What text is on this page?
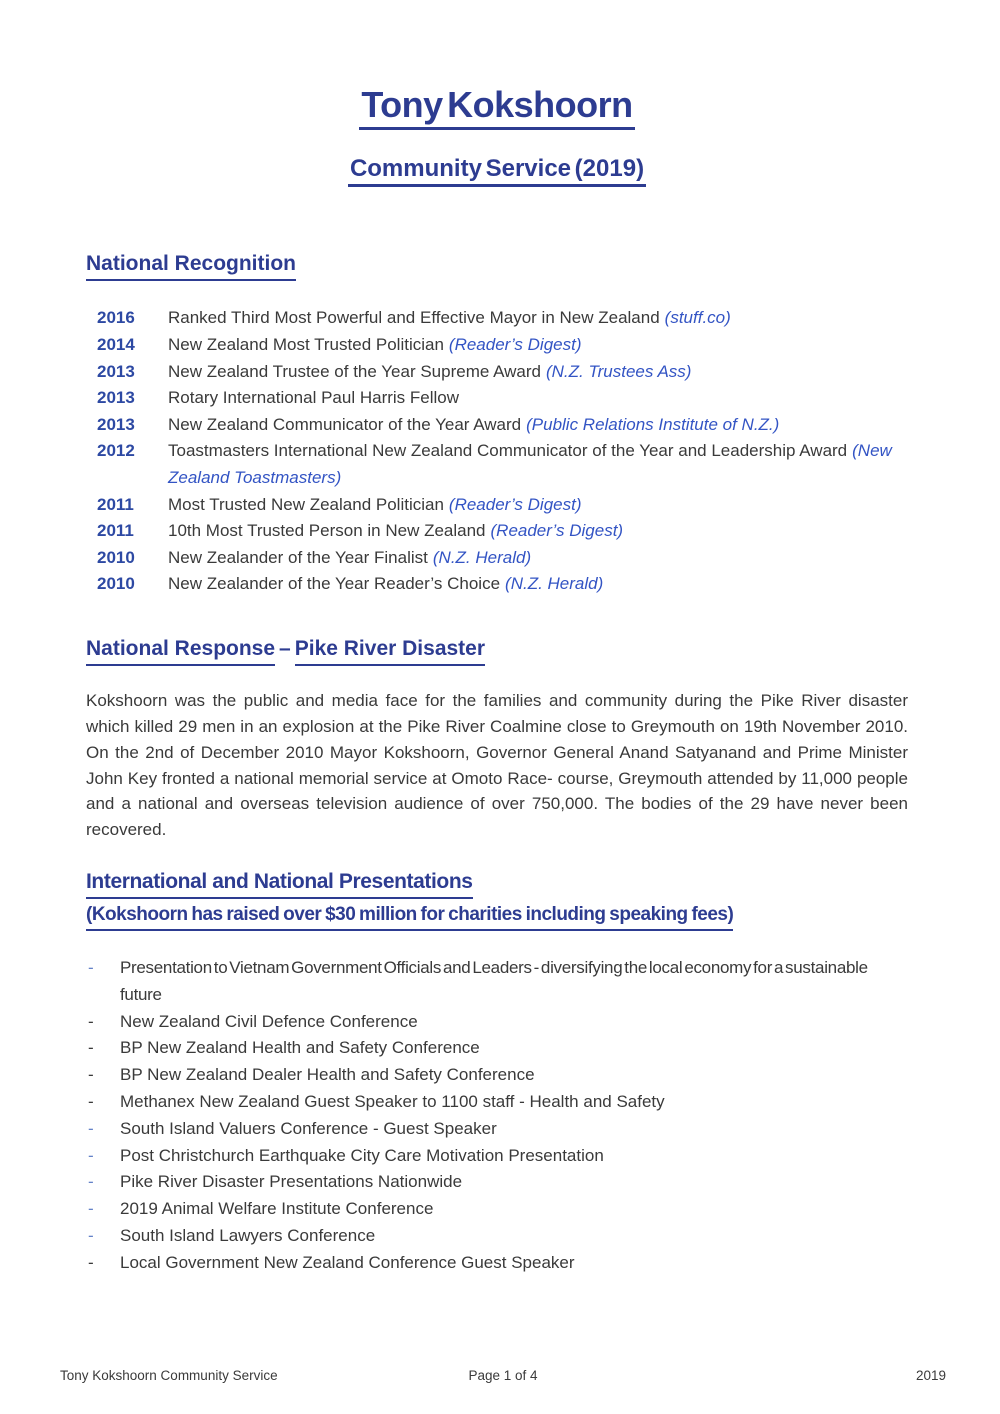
Tony Kokshoorn
Community Service (2019)
National Recognition
2016	Ranked Third Most Powerful and Effective Mayor in New Zealand (stuff.co)
2014	New Zealand Most Trusted Politician (Reader’s Digest)
2013	New Zealand Trustee of the Year Supreme Award (N.Z. Trustees Ass)
2013	Rotary International Paul Harris Fellow
2013	New Zealand Communicator of the Year Award (Public Relations Institute of N.Z.)
2012	Toastmasters International New Zealand Communicator of the Year and Leadership Award (New Zealand Toastmasters)
2011	Most Trusted New Zealand Politician (Reader’s Digest)
2011	10th Most Trusted Person in New Zealand (Reader’s Digest)
2010	New Zealander of the Year Finalist (N.Z. Herald)
2010	New Zealander of the Year Reader’s Choice (N.Z. Herald)
National Response – Pike River Disaster

Kokshoorn was the public and media face for the families and community during the Pike River disaster which killed 29 men in an explosion at the Pike River Coalmine close to Greymouth on 19th November 2010. On the 2nd of December 2010 Mayor Kokshoorn, Governor General Anand Satyanand and Prime Minister John Key fronted a national memorial service at Omoto Race- course, Greymouth attended by 11,000 people and a national and overseas television audience of over 750,000. The bodies of the 29 have never been recovered.

International and National Presentations
(Kokshoorn has raised over $30 million for charities including speaking fees)
-	Presentation to Vietnam Government Officials and Leaders - diversifying the local economy for a sustainable future
-	New Zealand Civil Defence Conference
-	BP New Zealand Health and Safety Conference
-	BP New Zealand Dealer Health and Safety Conference
-	Methanex New Zealand Guest Speaker to 1100 staff - Health and Safety
-	South Island Valuers Conference - Guest Speaker
-	Post Christchurch Earthquake City Care Motivation Presentation
-	Pike River Disaster Presentations Nationwide
-	2019 Animal Welfare Institute Conference
-	South Island Lawyers Conference
-	Local Government New Zealand Conference Guest Speaker
Tony Kokshoorn Community Service	Page 1 of 4	2019
